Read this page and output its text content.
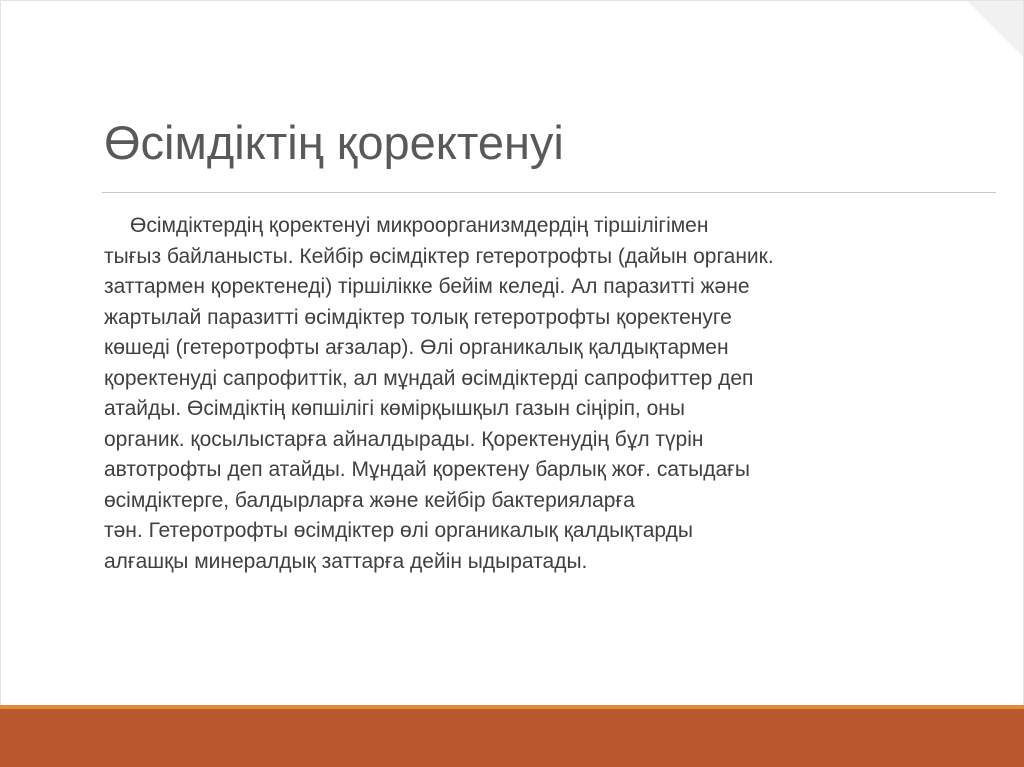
Өсімдіктің қоректенуі
Өсімдіктердің қоректенуі микроорганизмдердің тіршілігімен
тығыз байланысты. Кейбір өсімдіктер гетеротрофты (дайын органик.
заттармен қоректенеді) тіршілікке бейім келеді. Ал паразитті және
жартылай паразитті өсімдіктер толық гетеротрофты қоректенуге
көшеді (гетеротрофты ағзалар). Өлі органикалық қалдықтармен
қоректенуді сапрофиттік, ал мұндай өсімдіктерді сапрофиттер деп
атайды. Өсімдіктің көпшілігі көмірқышқыл газын сіңіріп, оны
органик. қосылыстарға айналдырады. Қоректенудің бұл түрін
автотрофты деп атайды. Мұндай қоректену барлық жоғ. сатыдағы
өсімдіктерге, балдырларға және кейбір бактерияларға
тән. Гетеротрофты өсімдіктер өлі органикалық қалдықтарды
алғашқы минералдық заттарға дейін ыдыратады.
